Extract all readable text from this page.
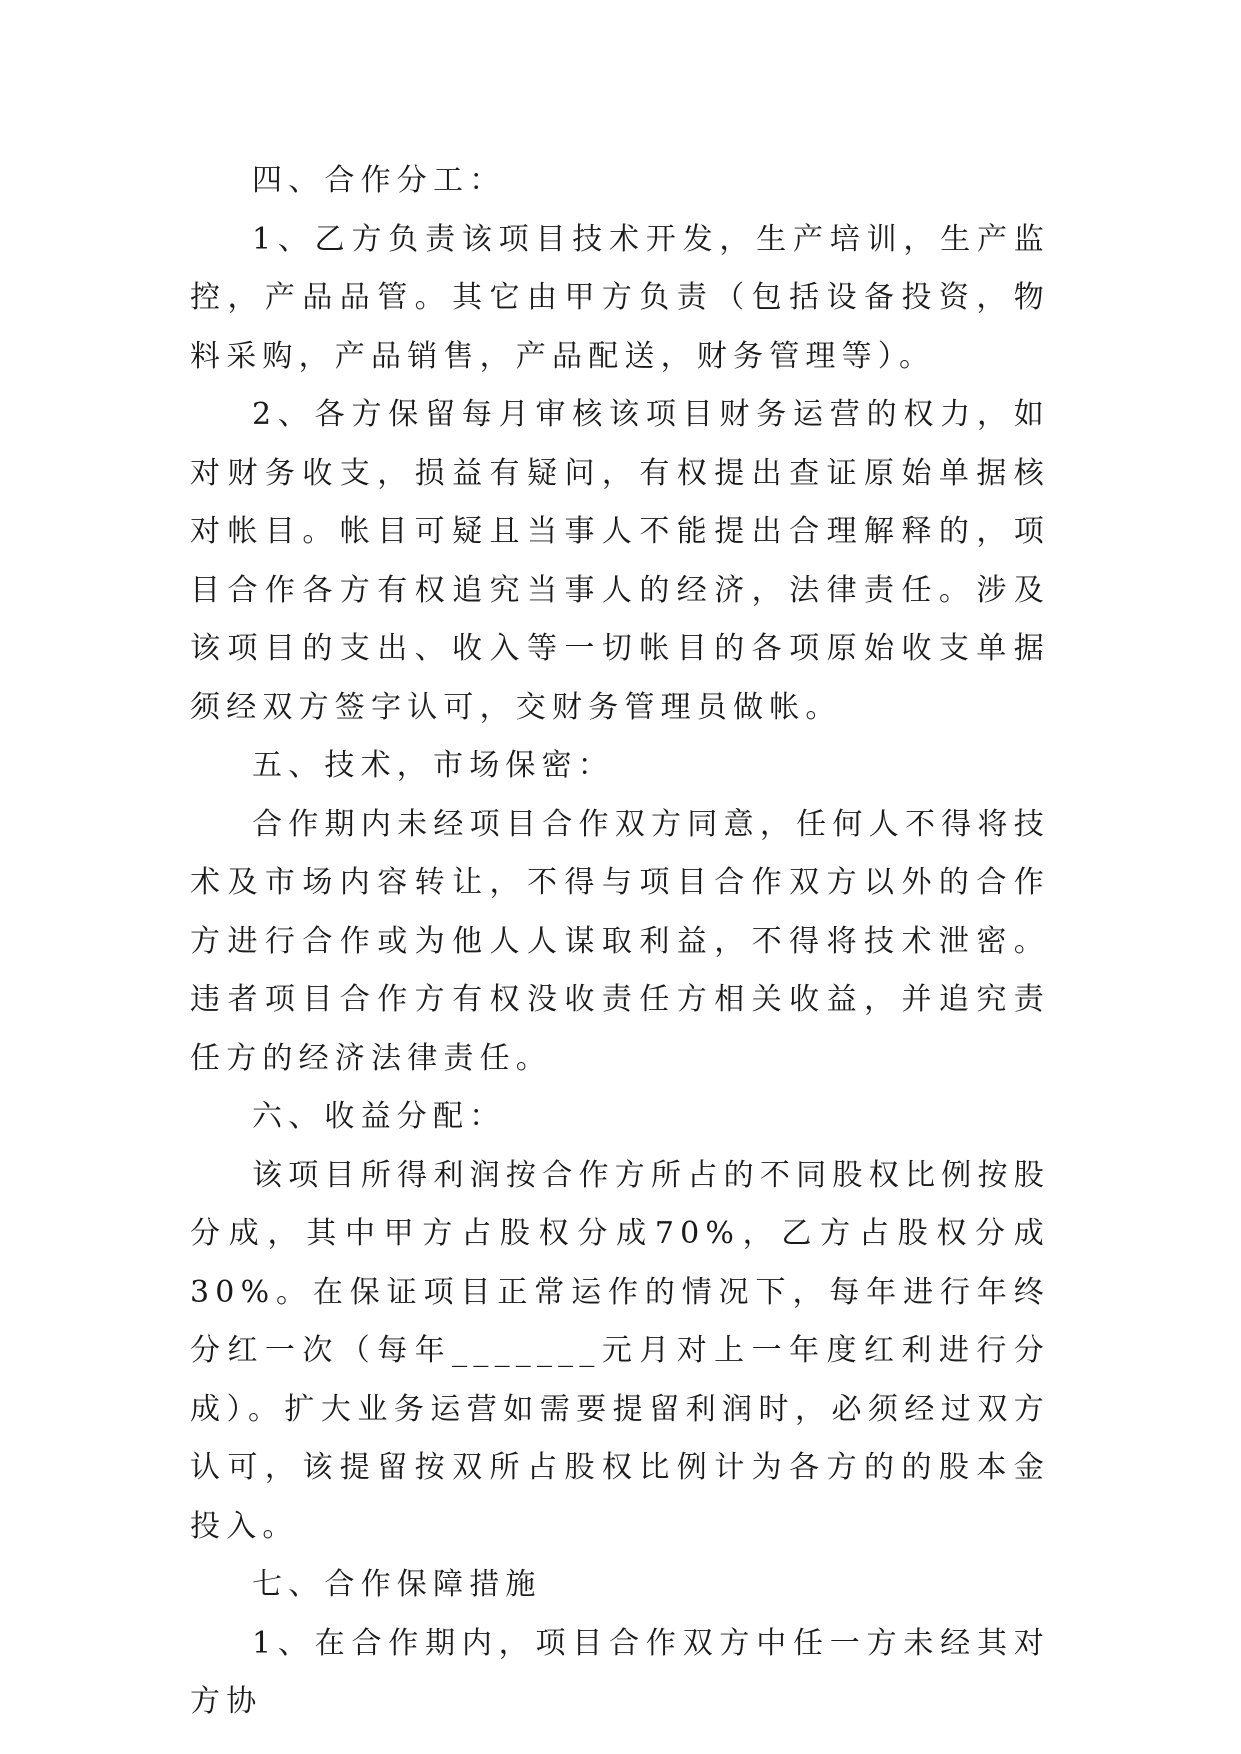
四、合作分工：

1、乙方负责该项目技术开发，生产培训，生产监控，产品品管。其它由甲方负责（包括设备投资，物料采购，产品销售，产品配送，财务管理等）。

2、各方保留每月审核该项目财务运营的权力，如对财务收支，损益有疑问，有权提出查证原始单据核对帐目。帐目可疑且当事人不能提出合理解释的，项目合作各方有权追究当事人的经济，法律责任。涉及该项目的支出、收入等一切帐目的各项原始收支单据须经双方签字认可，交财务管理员做帐。

五、技术，市场保密：

合作期内未经项目合作双方同意，任何人不得将技术及市场内容转让，不得与项目合作双方以外的合作方进行合作或为他人人谋取利益，不得将技术泄密。违者项目合作方有权没收责任方相关收益，并追究责任方的经济法律责任。

六、收益分配：

该项目所得利润按合作方所占的不同股权比例按股分成，其中甲方占股权分成70%，乙方占股权分成30%。在保证项目正常运作的情况下，每年进行年终分红一次（每年_______元月对上一年度红利进行分成）。扩大业务运营如需要提留利润时，必须经过双方认可，该提留按双所占股权比例计为各方的的股本金投入。

七、合作保障措施

1、在合作期内，项目合作双方中任一方未经其对方协
